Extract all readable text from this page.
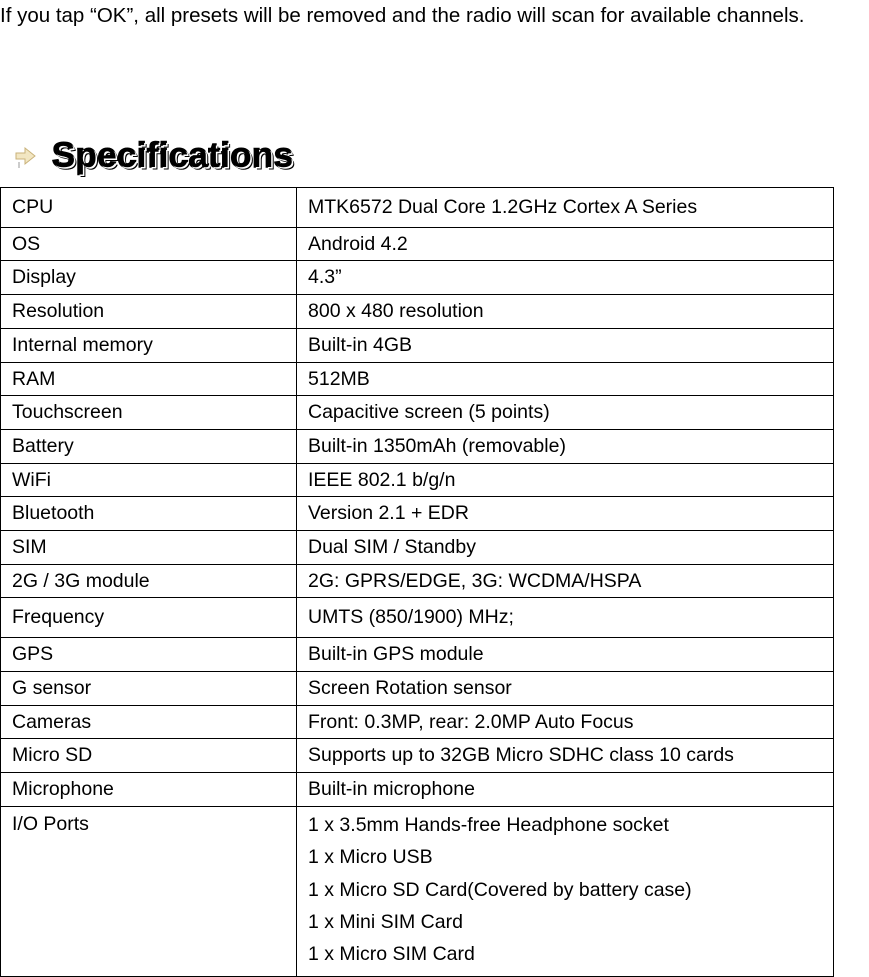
If you tap “OK”, all presets will be removed and the radio will scan for available channels.

Specifications
CPU	MTK6572 Dual Core 1.2GHz Cortex A Series
OS	Android 4.2
Display	4.3”
Resolution	800 x 480 resolution
Internal memory	Built-in 4GB
RAM	512MB
Touchscreen	Capacitive screen (5 points)
Battery	Built-in 1350mAh (removable)
WiFi	IEEE 802.1 b/g/n
Bluetooth	Version 2.1 + EDR
SIM	Dual SIM / Standby
2G / 3G module	2G: GPRS/EDGE, 3G: WCDMA/HSPA
Frequency	UMTS (850/1900) MHz;
GPS	Built-in GPS module
G sensor	Screen Rotation sensor
Cameras	Front: 0.3MP, rear: 2.0MP Auto Focus
Micro SD	Supports up to 32GB Micro SDHC class 10 cards
Microphone	Built-in microphone
I/O Ports	1 x 3.5mm Hands-free Headphone socket
1 x Micro USB
1 x Micro SD Card(Covered by battery case)
1 x Mini SIM Card
1 x Micro SIM Card
